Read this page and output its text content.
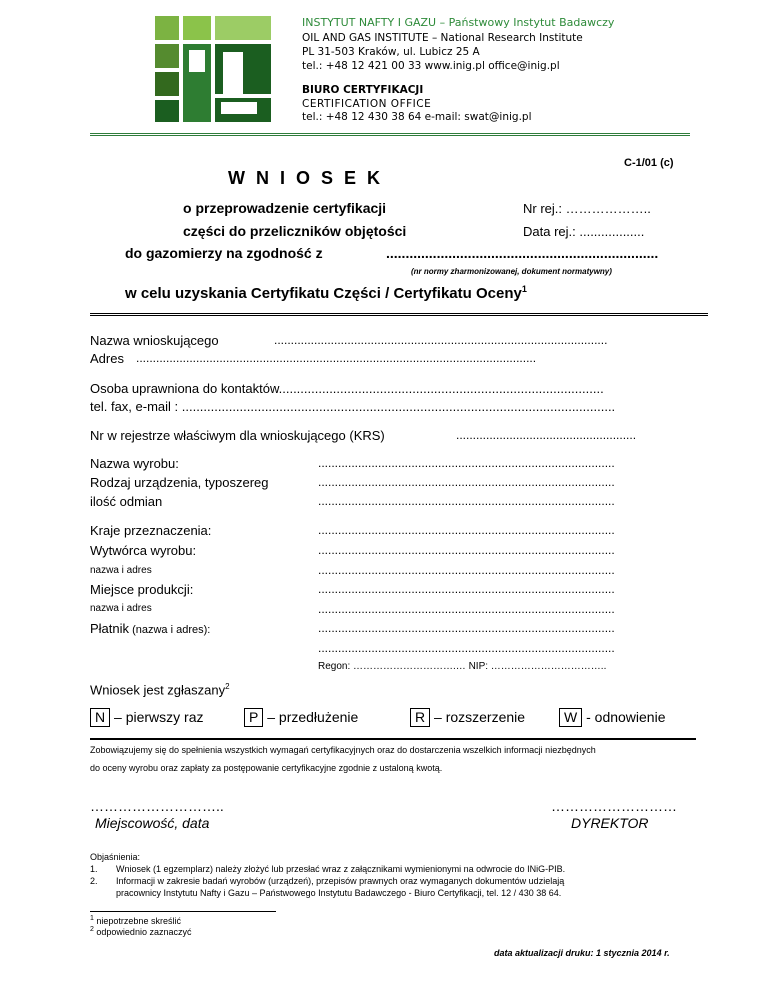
INSTYTUT NAFTY I GAZU – Państwowy Instytut Badawczy
OIL AND GAS INSTITUTE – National Research Institute
PL 31-503 Kraków, ul. Lubicz 25 A
tel.: +48 12 421 00 33 www.inig.pl office@inig.pl
BIURO CERTYFIKACJI
CERTIFICATION OFFICE
tel.: +48 12 430 38 64 e-mail: swat@inig.pl
C-1/01 (c)
W N I O S E K
o przeprowadzenie certyfikacji	Nr rej.: ………………..
części do przeliczników objętości	Data rej.: ..................
do gazomierzy na zgodność z	......................................................................
(nr normy zharmonizowanej, dokument normatywny)
w celu uzyskania Certyfikatu Części / Certyfikatu Oceny$^1$
Nazwa wnioskującego	....................................................................................................
Adres ........................................................................................................................
Osoba uprawniona do kontaktów..........................................................................................
tel. fax, e-mail : ........................................................................................................................
Nr w rejestrze właściwym dla wnioskującego (KRS)	......................................................
Nazwa wyrobu:	.........................................................................................
Rodzaj urządzenia, typoszereg	.........................................................................................
ilość odmian	.........................................................................................
Kraje przeznaczenia:	.........................................................................................
Wytwórca wyrobu:	.........................................................................................
nazwa i adres	.........................................................................................
Miejsce produkcji:	.........................................................................................
nazwa i adres	.........................................................................................
Płatnik (nazwa i adres):	.........................................................................................
.........................................................................................
Regon: ………………………….… NIP: ……………………………..
Wniosek jest zgłaszany$^2$
N – pierwszy raz	P – przedłużenie	R – rozszerzenie	W - odnowienie
Zobowiązujemy się do spełnienia wszystkich wymagań certyfikacyjnych oraz do dostarczenia wszelkich informacji niezbędnych
do oceny wyrobu oraz zapłaty za postępowanie certyfikacyjne zgodnie z ustaloną kwotą.
………………………..
Miejscowość, data
………………………
DYREKTOR
Objaśnienia:
1. Wniosek (1 egzemplarz) należy złożyć lub przesłać wraz z załącznikami wymienionymi na odwrocie do INiG-PIB.
2. Informacji w zakresie badań wyrobów (urządzeń), przepisów prawnych oraz wymaganych dokumentów udzielają
pracownicy Instytutu Nafty i Gazu – Państwowego Instytutu Badawczego - Biuro Certyfikacji, tel. 12 / 430 38 64.
$^1$ niepotrzebne skreślić
$^2$ odpowiednio zaznaczyć
data aktualizacji druku: 1 stycznia 2014 r.
